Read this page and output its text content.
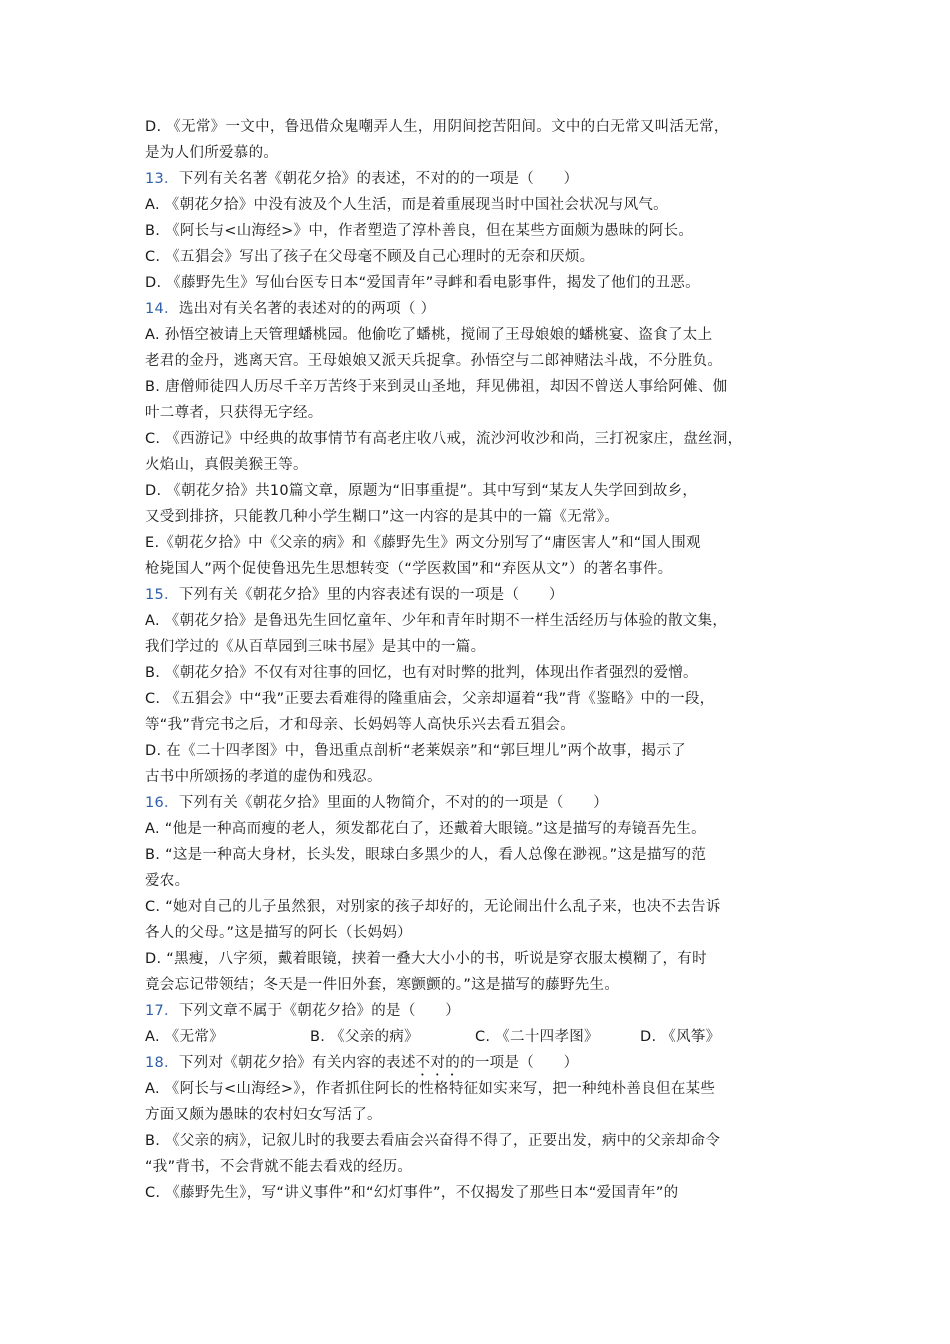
D. 《无常》一文中，鲁迅借众鬼嘲弄人生，用阴间挖苦阳间。文中的白无常又叫活无常，
是为人们所爱慕的。
13．下列有关名著《朝花夕拾》的表述，不对的的一项是（　　）
A. 《朝花夕拾》中没有波及个人生活，而是着重展现当时中国社会状况与风气。
B. 《阿长与<山海经>》中，作者塑造了淳朴善良，但在某些方面颇为愚昧的阿长。
C. 《五猖会》写出了孩子在父母毫不顾及自己心理时的无奈和厌烦。
D. 《藤野先生》写仙台医专日本“爱国青年”寻衅和看电影事件，揭发了他们的丑恶。
14．选出对有关名著的表述对的的两项（ ）
A. 孙悟空被请上天管理蟠桃园。他偷吃了蟠桃，搅闹了王母娘娘的蟠桃宴、盗食了太上
老君的金丹，逃离天宫。王母娘娘又派天兵捉拿。孙悟空与二郎神赌法斗战，不分胜负。
B. 唐僧师徒四人历尽千辛万苦终于来到灵山圣地，拜见佛祖，却因不曾送人事给阿傩、伽
叶二尊者，只获得无字经。
C. 《西游记》中经典的故事情节有高老庄收八戒，流沙河收沙和尚，三打祝家庄，盘丝洞，
火焰山，真假美猴王等。
D. 《朝花夕拾》共10篇文章，原题为“旧事重提”。其中写到“某友人失学回到故乡，
又受到排挤，只能教几种小学生糊口”这一内容的是其中的一篇《无常》。
E.《朝花夕拾》中《父亲的病》和《藤野先生》两文分别写了“庸医害人”和“国人围观
枪毙国人”两个促使鲁迅先生思想转变（“学医救国”和“弃医从文”）的著名事件。
15．下列有关《朝花夕拾》里的内容表述有误的一项是（　　）
A. 《朝花夕拾》是鲁迅先生回忆童年、少年和青年时期不一样生活经历与体验的散文集，
我们学过的《从百草园到三味书屋》是其中的一篇。
B. 《朝花夕拾》不仅有对往事的回忆，也有对时弊的批判，体现出作者强烈的爱憎。
C. 《五猖会》中“我”正要去看难得的隆重庙会，父亲却逼着“我”背《鉴略》中的一段，
等“我”背完书之后，才和母亲、长妈妈等人高快乐兴去看五猖会。
D. 在《二十四孝图》中，鲁迅重点剖析“老莱娱亲”和“郭巨埋儿”两个故事，揭示了
古书中所颂扬的孝道的虚伪和残忍。
16．下列有关《朝花夕拾》里面的人物简介，不对的的一项是（　　）
A. “他是一种高而瘦的老人，须发都花白了，还戴着大眼镜。”这是描写的寿镜吾先生。
B. “这是一种高大身材，长头发，眼球白多黑少的人，看人总像在渺视。”这是描写的范
爱农。
C. “她对自己的儿子虽然狠，对别家的孩子却好的，无论闹出什么乱子来，也决不去告诉
各人的父母。”这是描写的阿长（长妈妈）
D. “黑瘦，八字须，戴着眼镜，挟着一叠大大小小的书，听说是穿衣服太模糊了，有时
竟会忘记带领结；冬天是一件旧外套，寒颤颤的。”这是描写的藤野先生。
17．下列文章不属于《朝花夕拾》的是（　　）
A. 《无常》	B. 《父亲的病》	C. 《二十四孝图》	D. 《风筝》
18．下列对《朝花夕拾》有关内容的表述不对的的一项是（　　）
A. 《阿长与<山海经>》，作者抓住阿长的性格特征如实来写，把一种纯朴善良但在某些
方面又颇为愚昧的农村妇女写活了。
B. 《父亲的病》，记叙儿时的我要去看庙会兴奋得不得了，正要出发，病中的父亲却命令
“我”背书，不会背就不能去看戏的经历。
C. 《藤野先生》，写“讲义事件”和“幻灯事件”，不仅揭发了那些日本“爱国青年”的
